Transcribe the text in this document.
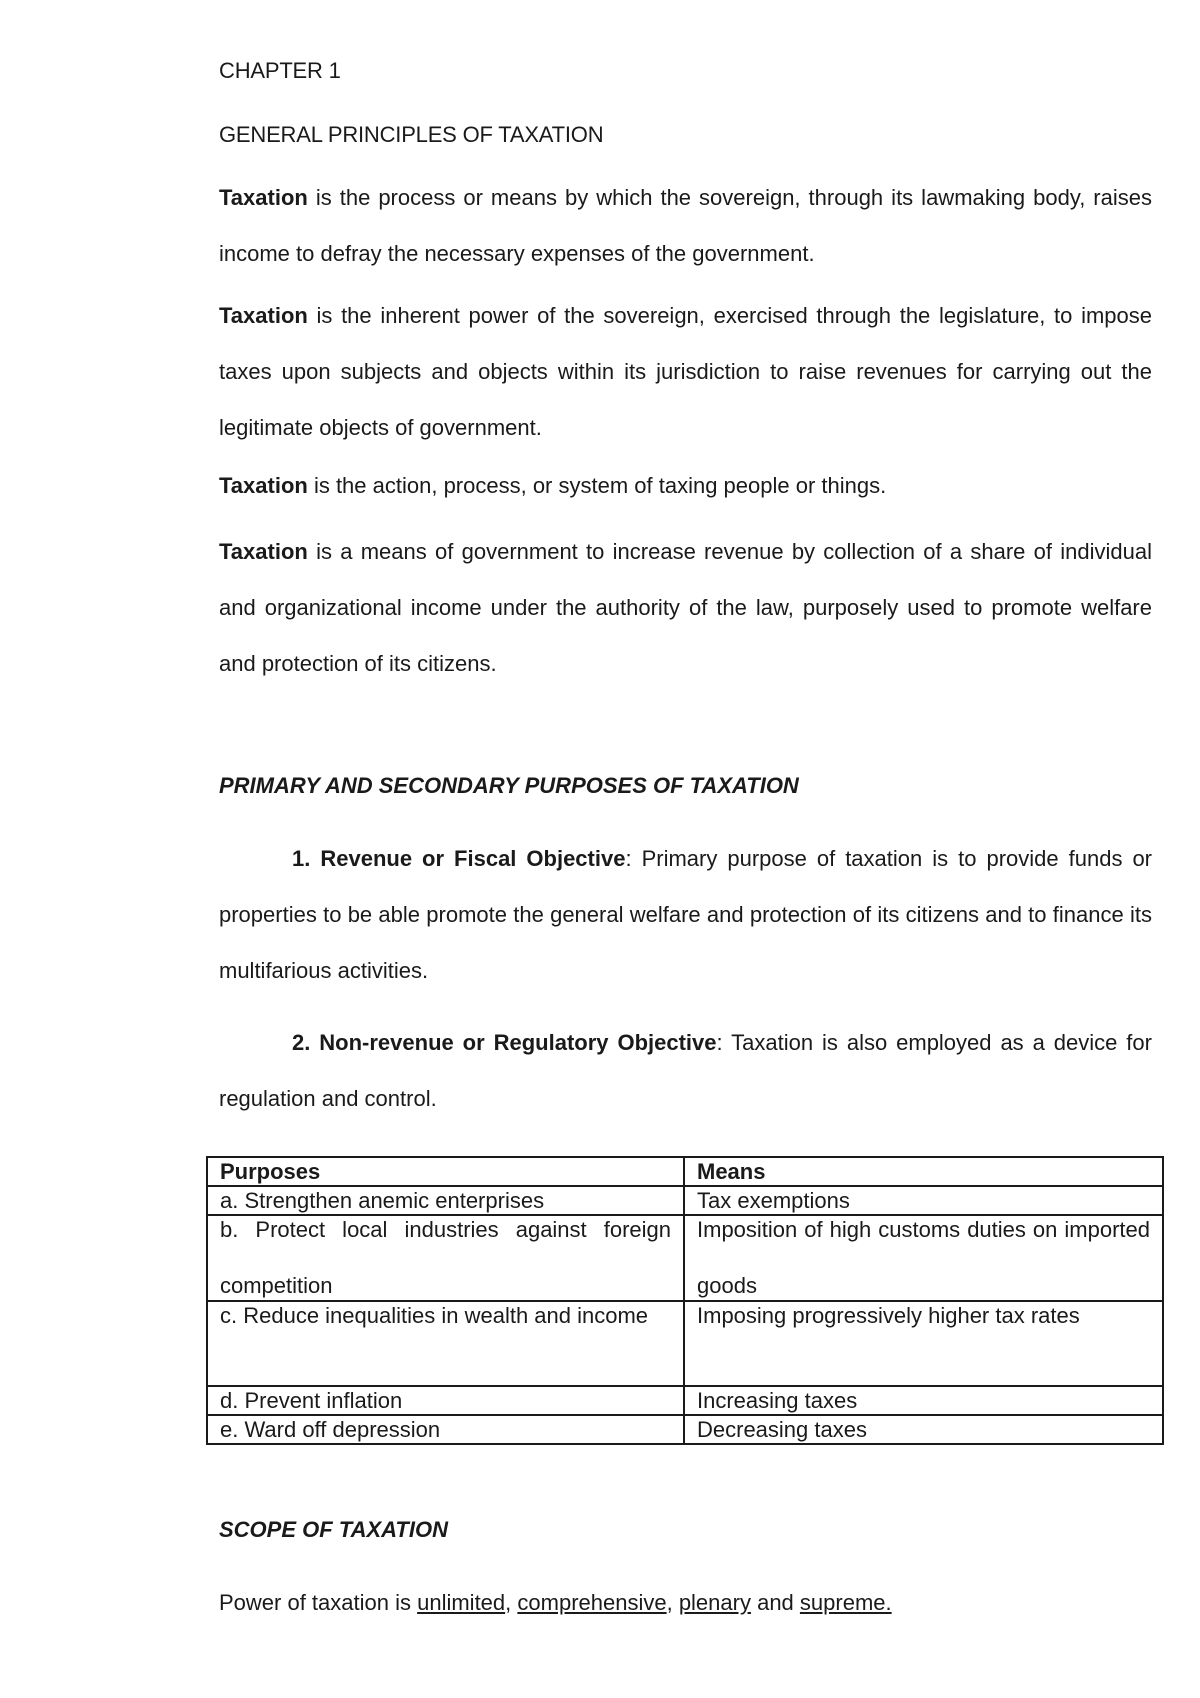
CHAPTER 1
GENERAL PRINCIPLES OF TAXATION

Taxation is the process or means by which the sovereign, through its lawmaking body, raises income to defray the necessary expenses of the government.

Taxation is the inherent power of the sovereign, exercised through the legislature, to impose taxes upon subjects and objects within its jurisdiction to raise revenues for carrying out the legitimate objects of government.

Taxation is the action, process, or system of taxing people or things.

Taxation is a means of government to increase revenue by collection of a share of individual and organizational income under the authority of the law, purposely used to promote welfare and protection of its citizens.

PRIMARY AND SECONDARY PURPOSES OF TAXATION

1. Revenue or Fiscal Objective: Primary purpose of taxation is to provide funds or properties to be able promote the general welfare and protection of its citizens and to finance its multifarious activities.

2. Non-revenue or Regulatory Objective: Taxation is also employed as a device for regulation and control.

Purposes	Means
a. Strengthen anemic enterprises	Tax exemptions

b. Protect local industries against foreign competition	Imposition of high customs duties on imported goods

c. Reduce inequalities in wealth and income	Imposing progressively higher tax rates
d. Prevent inflation	Increasing taxes
e. Ward off depression	Decreasing taxes
SCOPE OF TAXATION
Power of taxation is unlimited, comprehensive, plenary and supreme.
